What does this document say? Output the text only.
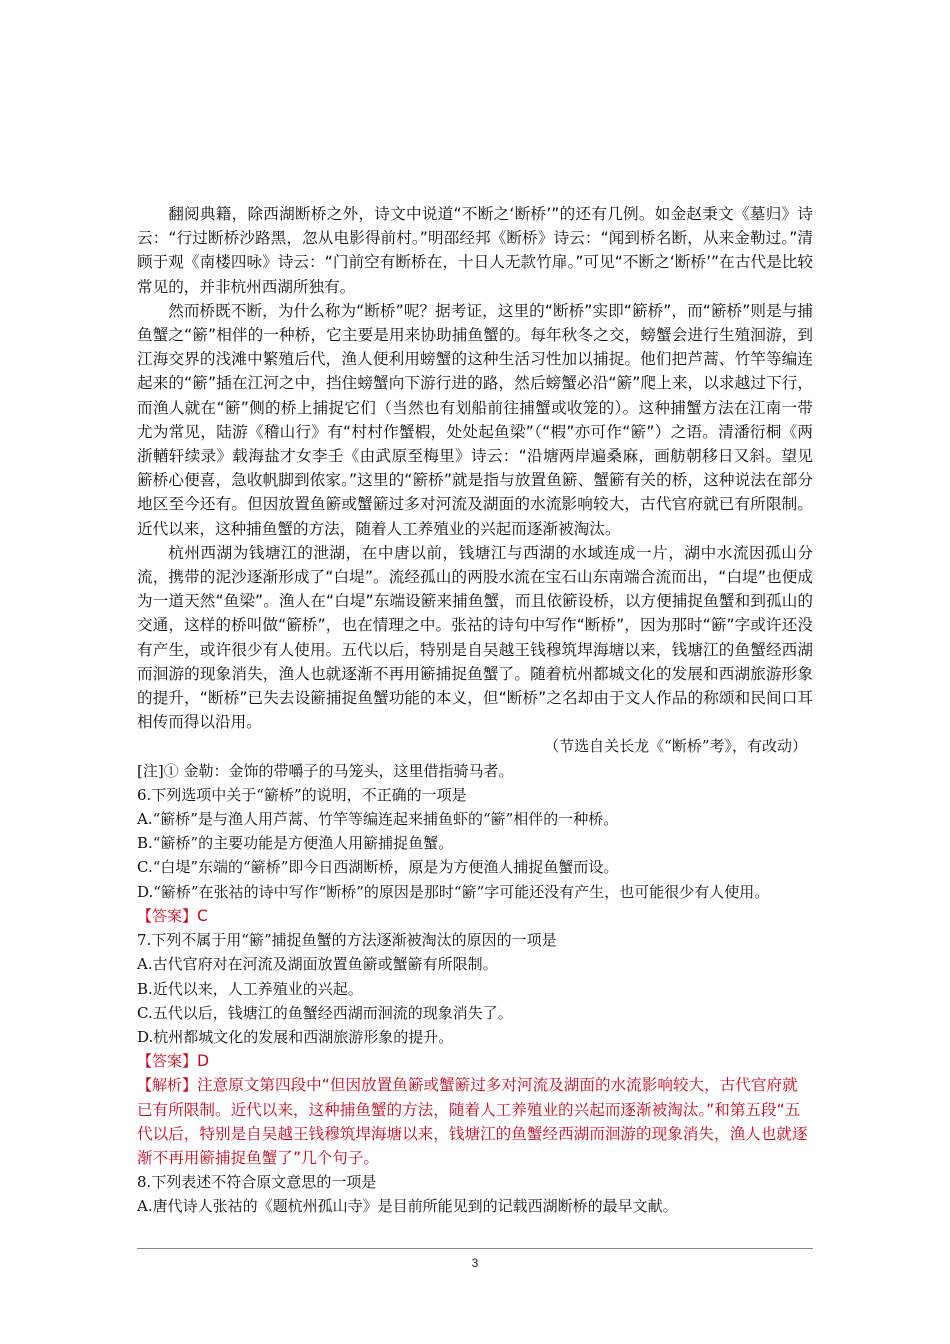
翻阅典籍，除西湖断桥之外，诗文中说道“不断之‘断桥’”的还有几例。如金赵秉文《墓归》诗云：“行过断桥沙路黑，忽从电影得前村。”明邵经邦《断桥》诗云：“闻到桥名断，从来金勒过。”清顾于观《南楼四咏》诗云：“门前空有断桥在，十日人无款竹扉。”可见“不断之‘断桥’”在古代是比较常见的，并非杭州西湖所独有。

然而桥既不断，为什么称为“断桥”呢？据考证，这里的“断桥”实即“簖桥”，而“簖桥”则是与捕鱼蟹之“簖”相伴的一种桥，它主要是用来协助捕鱼蟹的。每年秋冬之交，螃蟹会进行生殖洄游，到江海交界的浅滩中繁殖后代，渔人便利用螃蟹的这种生活习性加以捕捉。他们把芦蒿、竹竿等编连起来的“簖”插在江河之中，挡住螃蟹向下游行进的路，然后螃蟹必沿“簖”爬上来，以求越过下行，而渔人就在“簖”侧的桥上捕捉它们（当然也有划船前往捕蟹或收笼的）。这种捕蟹方法在江南一带尤为常见，陆游《稽山行》有“村村作蟹椵，处处起鱼梁”（“椵”亦可作“簖”）之语。清潘衍桐《两浙輶轩续录》载海盐才女李壬《由武原至梅里》诗云：“沿塘两岸遍桑麻，画舫朝移日又斜。望见簖桥心便喜，急收帆脚到侬家。”这里的“簖桥”就是指与放置鱼簖、蟹簖有关的桥，这种说法在部分地区至今还有。但因放置鱼簖或蟹簖过多对河流及湖面的水流影响较大，古代官府就已有所限制。近代以来，这种捕鱼蟹的方法，随着人工养殖业的兴起而逐渐被淘汰。

杭州西湖为钱塘江的泄湖，在中唐以前，钱塘江与西湖的水域连成一片，湖中水流因孤山分流，携带的泥沙逐渐形成了“白堤”。流经孤山的两股水流在宝石山东南端合流而出，“白堤”也便成为一道天然“鱼梁”。渔人在“白堤”东端设簖来捕鱼蟹，而且依簖设桥，以方便捕捉鱼蟹和到孤山的交通，这样的桥叫做“簖桥”，也在情理之中。张祜的诗句中写作“断桥”，因为那时“簖”字或许还没有产生，或许很少有人使用。五代以后，特别是自吴越王钱穆筑垾海塘以来，钱塘江的鱼蟹经西湖而洄游的现象消失，渔人也就逐渐不再用簖捕捉鱼蟹了。随着杭州都城文化的发展和西湖旅游形象的提升，“断桥”已失去设簖捕捉鱼蟹功能的本义，但“断桥”之名却由于文人作品的称颂和民间口耳相传而得以沿用。

（节选自关长龙《“断桥”考》，有改动）

[注]① 金勒：金饰的带嚼子的马笼头，这里借指骑马者。

6.下列选项中关于“簖桥”的说明，不正确的一项是

A.“簖桥”是与渔人用芦蒿、竹竿等编连起来捕鱼虾的“簖”相伴的一种桥。

B.“簖桥”的主要功能是方便渔人用簖捕捉鱼蟹。

C.“白堤”东端的“簖桥”即今日西湖断桥，原是为方便渔人捕捉鱼蟹而设。

D.“簖桥”在张祜的诗中写作“断桥”的原因是那时“簖”字可能还没有产生，也可能很少有人使用。

【答案】C

7.下列不属于用“簖”捕捉鱼蟹的方法逐渐被淘汰的原因的一项是

A.古代官府对在河流及湖面放置鱼簖或蟹簖有所限制。

B.近代以来，人工养殖业的兴起。

C.五代以后，钱塘江的鱼蟹经西湖而洄流的现象消失了。

D.杭州都城文化的发展和西湖旅游形象的提升。

【答案】D

【解析】注意原文第四段中“但因放置鱼簖或蟹簖过多对河流及湖面的水流影响较大，古代官府就已有所限制。近代以来，这种捕鱼蟹的方法，随着人工养殖业的兴起而逐渐被淘汰。”和第五段“五代以后，特别是自吴越王钱穆筑垾海塘以来，钱塘江的鱼蟹经西湖而洄游的现象消失，渔人也就逐渐不再用簖捕捉鱼蟹了”几个句子。

8.下列表述不符合原文意思的一项是

A.唐代诗人张祜的《题杭州孤山寺》是目前所能见到的记载西湖断桥的最早文献。

3
